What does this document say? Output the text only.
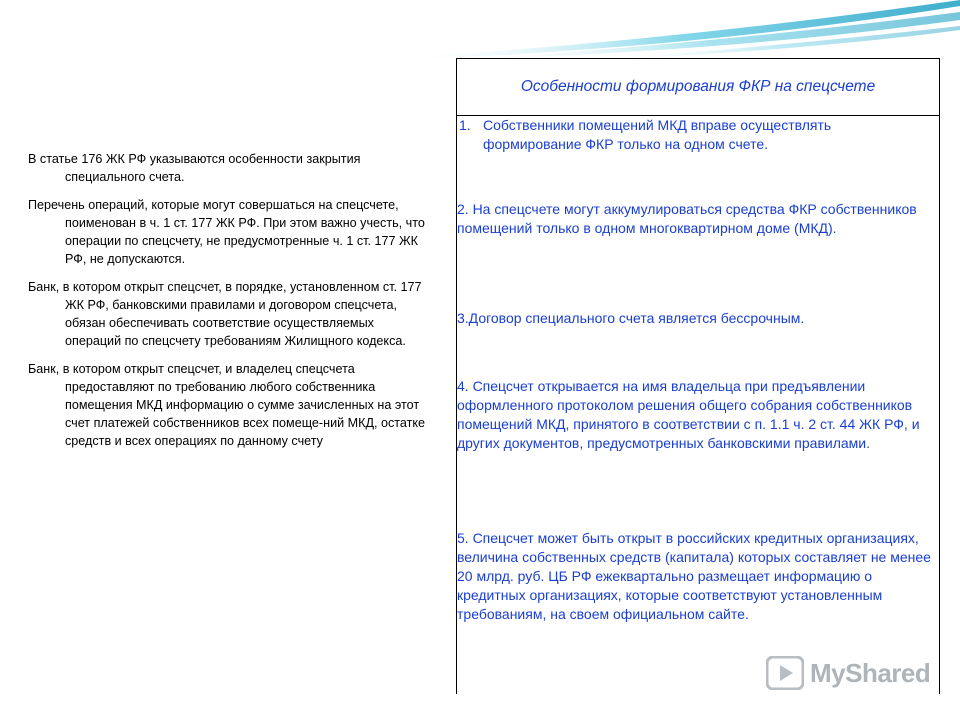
В статье 176 ЖК РФ указываются особенности закрытия специального счета.

Перечень операций, которые могут совершаться на спецсчете, поименован в ч. 1 ст. 177 ЖК РФ. При этом важно учесть, что операции по спецсчету, не предусмотренные ч. 1 ст. 177 ЖК РФ, не допускаются.

Банк, в котором открыт спецсчет, в порядке, установленном ст. 177 ЖК РФ, банковскими правилами и договором спецсчета, обязан обеспечивать соответствие осуществляемых операций по спецсчету требованиям Жилищного кодекса.

Банк, в котором открыт спецсчет, и владелец спецсчета предоставляют по требованию любого собственника помещения МКД информацию о сумме зачисленных на этот счет платежей собственников всех помеще-ний МКД, остатке средств и всех операциях по данному счету

Особенности формирования ФКР на спецсчете
1. Собственники помещений МКД вправе осуществлять формирование ФКР только на одном счете.
2. На спецсчете могут аккумулироваться средства ФКР собственников помещений только в одном многоквартирном доме (МКД).
3.Договор специального счета является бессрочным.
4. Спецсчет открывается на имя владельца при предъявлении оформленного протоколом решения общего собрания собственников помещений МКД, принятого в соответствии с п. 1.1 ч. 2 ст. 44 ЖК РФ, и других документов, предусмотренных банковскими правилами.
5. Спецсчет может быть открыт в российских кредитных организациях, величина собственных средств (капитала) которых составляет не менее 20 млрд. руб. ЦБ РФ ежеквартально размещает информацию о кредитных организациях, которые соответствуют установленным требованиям, на своем официальном сайте.
MyShared
